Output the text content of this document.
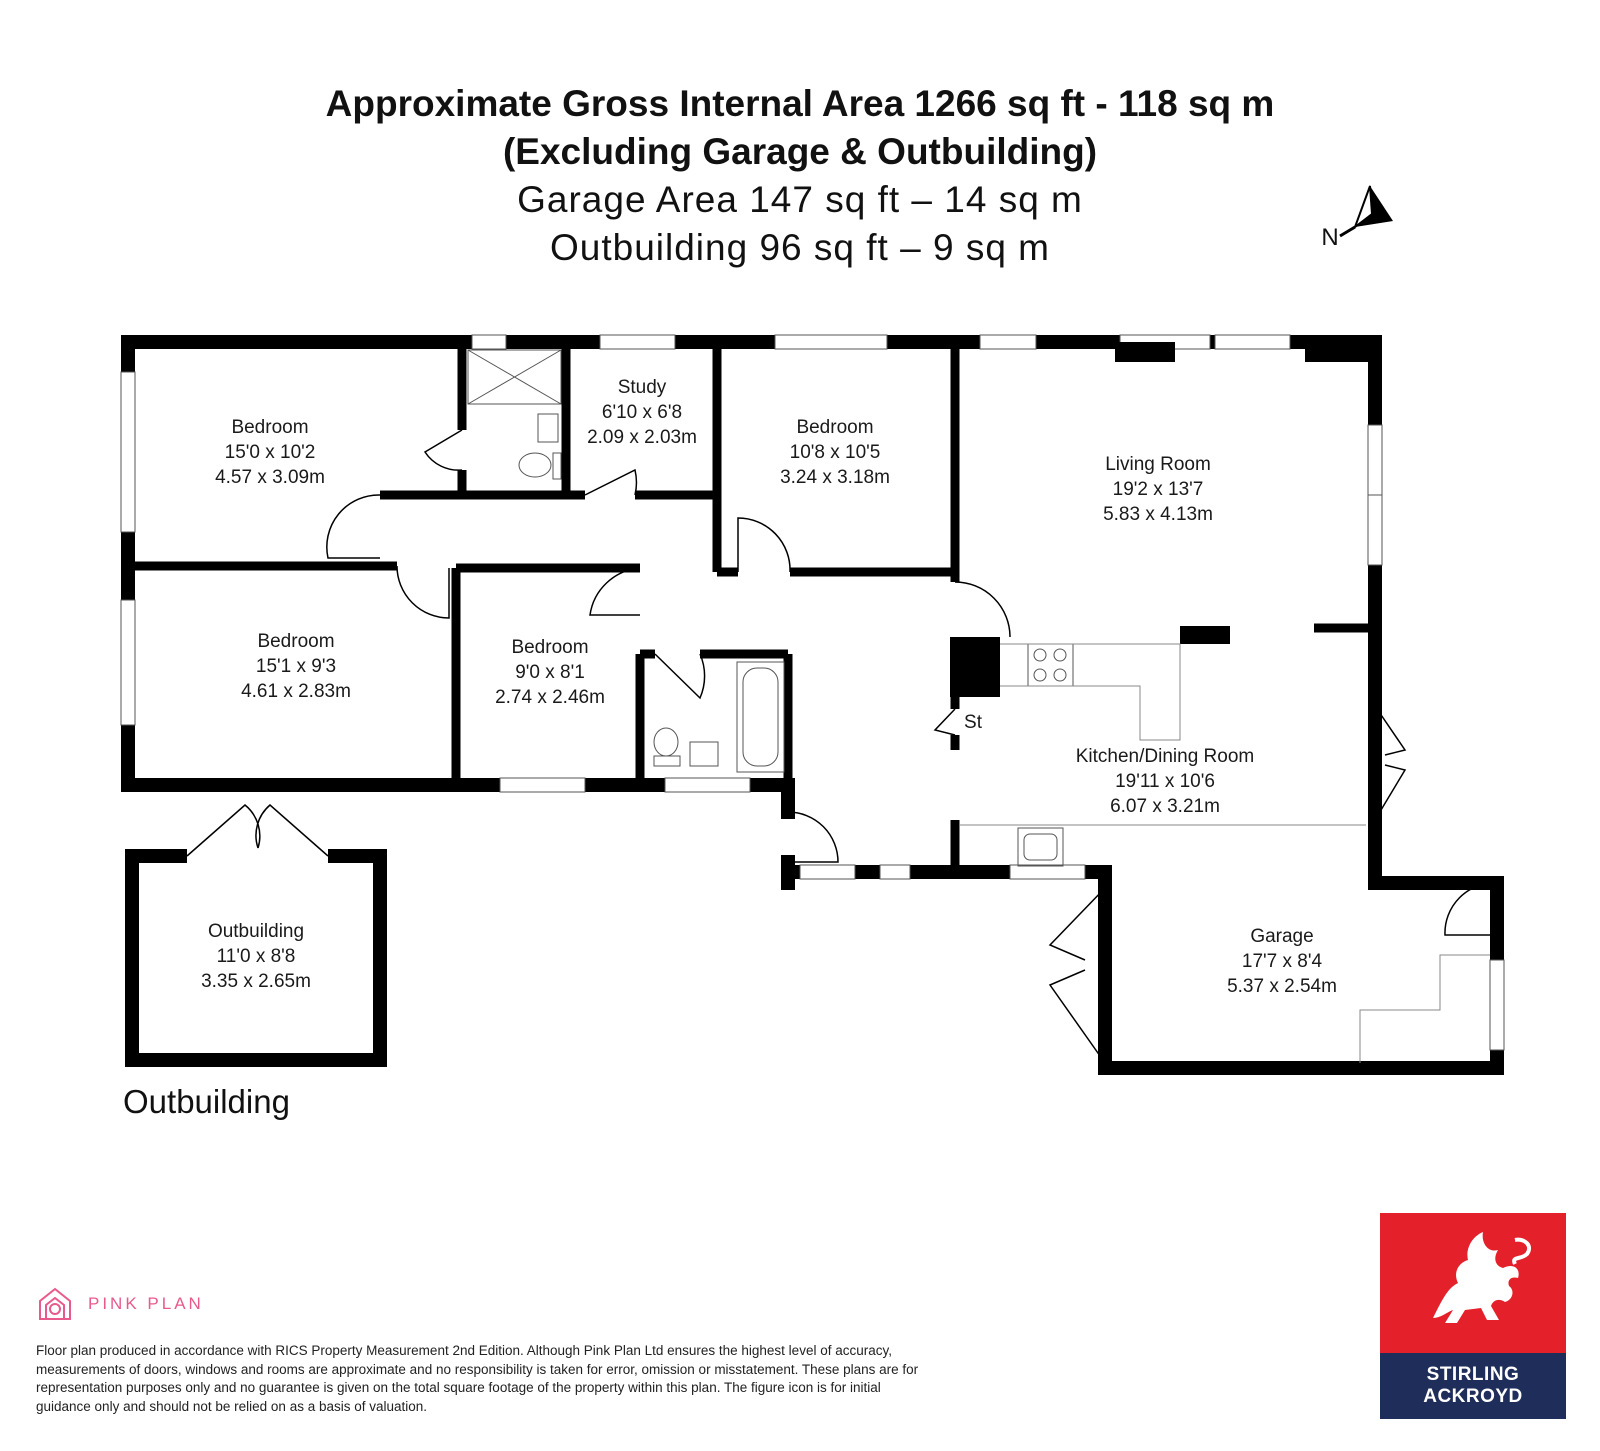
Approximate Gross Internal Area 1266 sq ft - 118 sq m

(Excluding Garage & Outbuilding)

Garage Area 147 sq ft – 14 sq m

Outbuilding 96 sq ft – 9 sq m	N
Bedroom
15'0 x 10'2
4.57 x 3.09m
Study
6'10 x 6'8
2.09 x 2.03m	Bedroom
10'8 x 10'5
3.24 x 3.18m
Living Room
19'2 x 13'7
5.83 x 4.13m
Bedroom
15'1 x 9'3
4.61 x 2.83m
Bedroom
9'0 x 8'1
2.74 x 2.46m
Kitchen/Dining Room
19'11 x 10'6
6.07 x 3.21m
St
Garage
17'7 x 8'4
5.37 x 2.54m
Outbuilding
11'0 x 8'8
3.35 x 2.65m
Outbuilding
PINK PLAN

Floor plan produced in accordance with RICS Property Measurement 2nd Edition. Although Pink Plan Ltd ensures the highest level of accuracy, measurements of doors, windows and rooms are approximate and no responsibility is taken for error, omission or misstatement. These plans are for representation purposes only and no guarantee is given on the total square footage of the property within this plan. The figure icon is for initial guidance only and should not be relied on as a basis of valuation.

STIRLING
ACKROYD
